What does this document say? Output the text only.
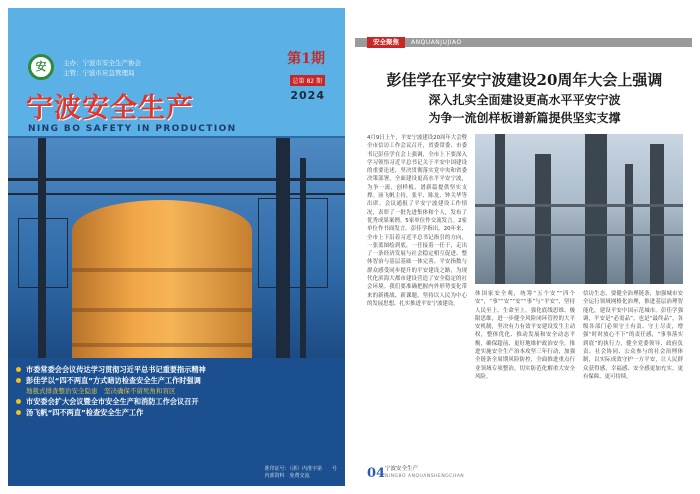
安	主办：宁波市安全生产协会
主管：宁波市应急管理局
第1期
总第 82 期
2024
宁波安全生产
NING BO SAFETY IN PRODUCTION
市委常委会会议传达学习贯彻习近平总书记重要指示精神
彭佳学以“四不两直”方式暗访检查安全生产工作时强调
地毯式排查整治安全隐患　坚决确保不留死角和盲区
市安委会扩大会议暨全市安全生产和消防工作会议召开
汤飞帆“四不两直”检查安全生产工作
准印证号：（浙）内准字第　　号
内部资料　免费交流
安全聚焦	ANQUANJUJIAO
彭佳学在平安宁波建设20周年大会上强调
深入扎实全面建设更高水平平安宁波
为争一流创样板谱新篇提供坚实支撑
4月9日上午，平安宁波建设20周年大会暨全市信访工作会议召开，省委常委、市委书记彭佳学在会上强调，全市上下要深入学习领悟习近平总书记关于平安中国建设的重要论述，坚决贯彻落实党中央和省委决策部署，全面建设更高水平平安宁波，为争一流、创样板、谱新篇提供坚实支撑。汤飞帆主持，张平、陈龙、钟关华等出席。会议通报了平安宁波建设工作情况，表彰了一批先进集体和个人，发布了优秀成果案例。5家单位作交流发言。2家单位作书面发言。彭佳学指出，20年来，全市上下沿着习近平总书记指引的方向，一张蓝图绘到底，一任接着一任干，走出了一条经济发展与社会稳定相互促进、整体智治与基层基础一体完善、平安指数与群众感受同步提升的平安建设之路，为现代化滨海大都市建设营造了安全稳定的社会环境。我们要准确把握内外形势变化带来的新挑战、新课题，坚持以人民为中心的发展思想，扎实推进平安宁波建设。
体国家安全观，统筹“五个安”“四个安”，“事”“安”“安”“事”与“平安”，坚持人民至上、生命至上，强化底线思维、极限思维，进一步健全风险闭环管控的大平安机制，坚决有力有效平安建设发生主动权，整体优化、推动发展和安全动态平衡，确保超前、更好地维护政治安全，推进实施安全生产治本攻坚三年行动，加强全链条全周期风险防控，全面推进重点行业领域专项整治，切实防范化解重大安全风险。
信访生态，要健全治理链条，加强城市安全运行领域网格化治理，推进基层治理智能化，建设平安中国示范城市。彭佳学强调，平安是“必需品”，也是“最终品”，各级各部门必须守土有责、守土尽责，增强“时时放心不下”的责任感，“事事落实到底”的执行力，健全党委领导、政府负责、社会协同、公众参与的社会治理体制，以实际成效守护一方平安，让人民群众获得感、幸福感、安全感更加充实、更有保障、更可持续。
04 宁波安全生产
NINGBO ANQUANSHENGCHAN
